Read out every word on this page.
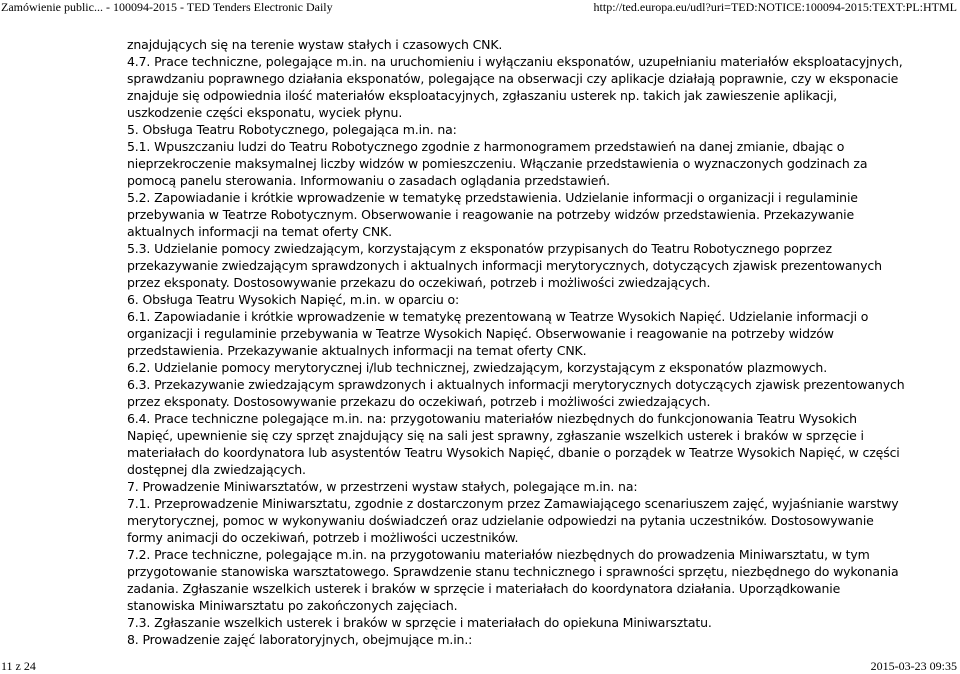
Zamówienie public... - 100094-2015 - TED Tenders Electronic Daily	http://ted.europa.eu/udl?uri=TED:NOTICE:100094-2015:TEXT:PL:HTML
znajdujących się na terenie wystaw stałych i czasowych CNK.
4.7. Prace techniczne, polegające m.in. na uruchomieniu i wyłączaniu eksponatów, uzupełnianiu materiałów eksploatacyjnych,
sprawdzaniu poprawnego działania eksponatów, polegające na obserwacji czy aplikacje działają poprawnie, czy w eksponacie
znajduje się odpowiednia ilość materiałów eksploatacyjnych, zgłaszaniu usterek np. takich jak zawieszenie aplikacji,
uszkodzenie części eksponatu, wyciek płynu.
5. Obsługa Teatru Robotycznego, polegająca m.in. na:
5.1. Wpuszczaniu ludzi do Teatru Robotycznego zgodnie z harmonogramem przedstawień na danej zmianie, dbając o
nieprzekroczenie maksymalnej liczby widzów w pomieszczeniu. Włączanie przedstawienia o wyznaczonych godzinach za
pomocą panelu sterowania. Informowaniu o zasadach oglądania przedstawień.
5.2. Zapowiadanie i krótkie wprowadzenie w tematykę przedstawienia. Udzielanie informacji o organizacji i regulaminie
przebywania w Teatrze Robotycznym. Obserwowanie i reagowanie na potrzeby widzów przedstawienia. Przekazywanie
aktualnych informacji na temat oferty CNK.
5.3. Udzielanie pomocy zwiedzającym, korzystającym z eksponatów przypisanych do Teatru Robotycznego poprzez
przekazywanie zwiedzającym sprawdzonych i aktualnych informacji merytorycznych, dotyczących zjawisk prezentowanych
przez eksponaty. Dostosowywanie przekazu do oczekiwań, potrzeb i możliwości zwiedzających.
6. Obsługa Teatru Wysokich Napięć, m.in. w oparciu o:
6.1. Zapowiadanie i krótkie wprowadzenie w tematykę prezentowaną w Teatrze Wysokich Napięć. Udzielanie informacji o
organizacji i regulaminie przebywania w Teatrze Wysokich Napięć. Obserwowanie i reagowanie na potrzeby widzów
przedstawienia. Przekazywanie aktualnych informacji na temat oferty CNK.
6.2. Udzielanie pomocy merytorycznej i/lub technicznej, zwiedzającym, korzystającym z eksponatów plazmowych.
6.3. Przekazywanie zwiedzającym sprawdzonych i aktualnych informacji merytorycznych dotyczących zjawisk prezentowanych
przez eksponaty. Dostosowywanie przekazu do oczekiwań, potrzeb i możliwości zwiedzających.
6.4. Prace techniczne polegające m.in. na: przygotowaniu materiałów niezbędnych do funkcjonowania Teatru Wysokich
Napięć, upewnienie się czy sprzęt znajdujący się na sali jest sprawny, zgłaszanie wszelkich usterek i braków w sprzęcie i
materiałach do koordynatora lub asystentów Teatru Wysokich Napięć, dbanie o porządek w Teatrze Wysokich Napięć, w części
dostępnej dla zwiedzających.
7. Prowadzenie Miniwarsztatów, w przestrzeni wystaw stałych, polegające m.in. na:
7.1. Przeprowadzenie Miniwarsztatu, zgodnie z dostarczonym przez Zamawiającego scenariuszem zajęć, wyjaśnianie warstwy
merytorycznej, pomoc w wykonywaniu doświadczeń oraz udzielanie odpowiedzi na pytania uczestników. Dostosowywanie
formy animacji do oczekiwań, potrzeb i możliwości uczestników.
7.2. Prace techniczne, polegające m.in. na przygotowaniu materiałów niezbędnych do prowadzenia Miniwarsztatu, w tym
przygotowanie stanowiska warsztatowego. Sprawdzenie stanu technicznego i sprawności sprzętu, niezbędnego do wykonania
zadania. Zgłaszanie wszelkich usterek i braków w sprzęcie i materiałach do koordynatora działania. Uporządkowanie
stanowiska Miniwarsztatu po zakończonych zajęciach.
7.3. Zgłaszanie wszelkich usterek i braków w sprzęcie i materiałach do opiekuna Miniwarsztatu.
8. Prowadzenie zajęć laboratoryjnych, obejmujące m.in.:
11 z 24	2015-03-23 09:35
